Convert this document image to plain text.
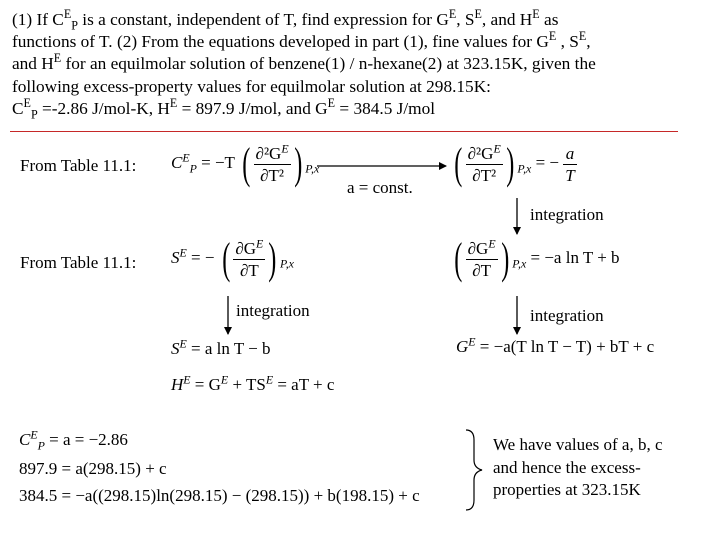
(1) If $C^E_P$ is a constant, independent of T, find expression for $G^E$, $S^E$, and $H^E$ as

functions of T. (2) From the equations developed in part (1), fine values for $G^E$ , $S^E$,

and $H^E$ for an equilmolar solution of benzene(1) / n-hexane(2) at 323.15K, given the

following excess-property values for equilmolar solution at 298.15K:

$C^E_P =-2.86$ J/mol-K, $H^E = 897.9$ J/mol, and $G^E = 384.5$ J/mol

From Table 11.1: $C^E_P = -T$ ( $\frac{\partial^2G^E}{\text{∂T²}}$ ) $_{P,x}$
a = const. ( $\frac{\partial^2G^E}{\text{∂T²}}$ ) $_{P,x}$ = − $\frac{a}{T}$
integration
From Table 11.1: $S^E$ = − ( $\frac{\partial G^E}{\partial T}$ ) $_{P,x}$	( $\frac{\partial G^E}{\partial T}$ ) $_{P,x}$ = −a ln T + b
integration	integration
$S^E = a$ ln T − b	$G^E = -a(T$ ln T − T) + bT + c
$H^E = G^E + TS^E$ = aT + c
$C^E_P = a = -2.86$
897.9 = a(298.15) + c
384.5 = −a((298.15)ln(298.15) − (298.15)) + b(198.15) + c

We have values of a, b, c

and hence the excess-

properties at 323.15K
